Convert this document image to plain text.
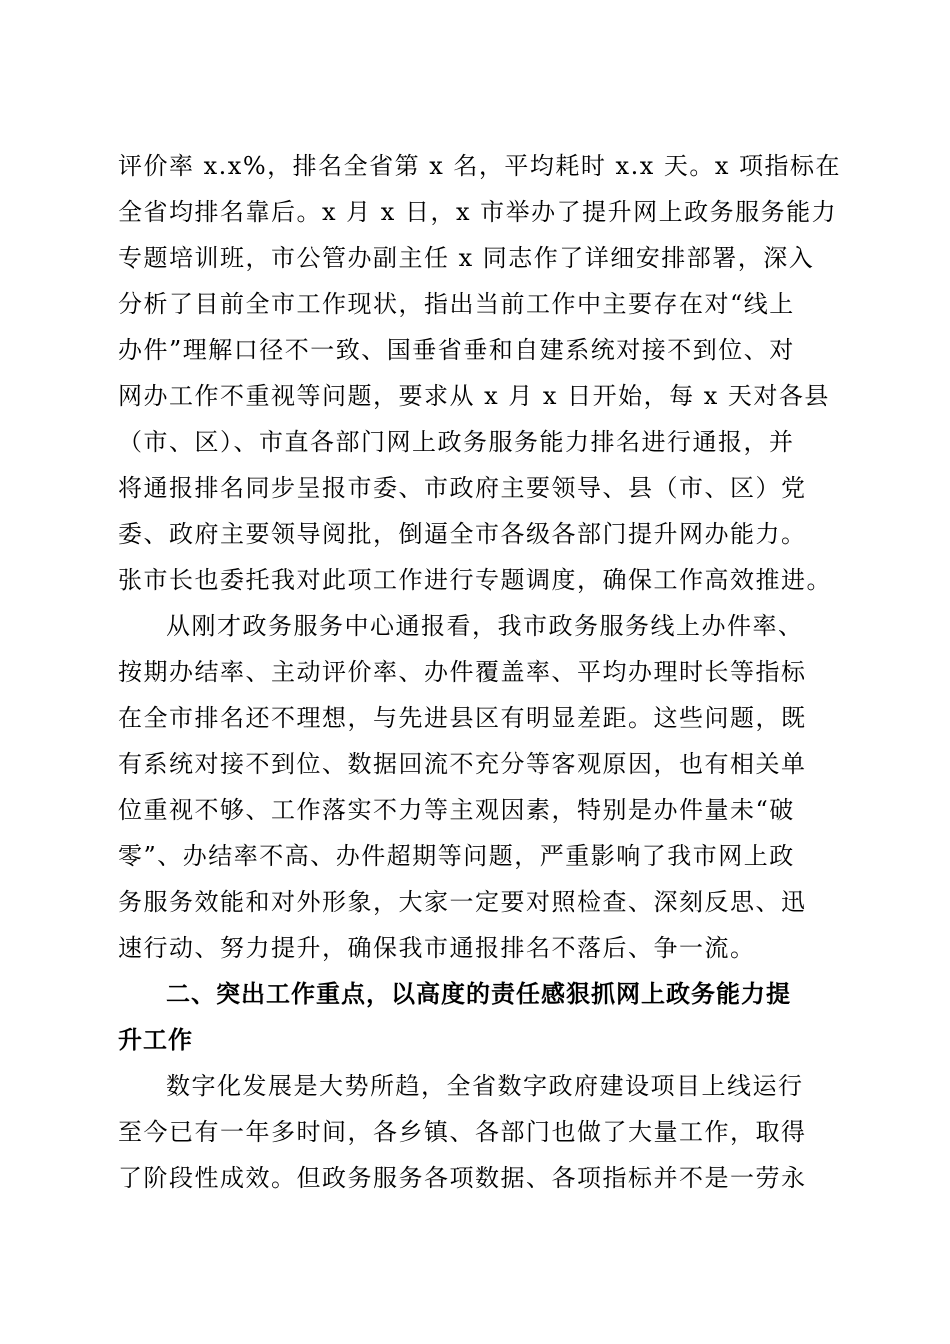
评价率 x.x%，排名全省第 x 名，平均耗时 x.x 天。x 项指标在
全省均排名靠后。x 月 x 日，x 市举办了提升网上政务服务能力
专题培训班，市公管办副主任 x 同志作了详细安排部署，深入
分析了目前全市工作现状，指出当前工作中主要存在对“线上
办件”理解口径不一致、国垂省垂和自建系统对接不到位、对
网办工作不重视等问题，要求从 x 月 x 日开始，每 x 天对各县
（市、区）、市直各部门网上政务服务能力排名进行通报，并
将通报排名同步呈报市委、市政府主要领导、县（市、区）党
委、政府主要领导阅批，倒逼全市各级各部门提升网办能力。
张市长也委托我对此项工作进行专题调度，确保工作高效推进。
从刚才政务服务中心通报看，我市政务服务线上办件率、
按期办结率、主动评价率、办件覆盖率、平均办理时长等指标
在全市排名还不理想，与先进县区有明显差距。这些问题，既
有系统对接不到位、数据回流不充分等客观原因，也有相关单
位重视不够、工作落实不力等主观因素，特别是办件量未“破
零”、办结率不高、办件超期等问题，严重影响了我市网上政
务服务效能和对外形象，大家一定要对照检查、深刻反思、迅
速行动、努力提升，确保我市通报排名不落后、争一流。
二、突出工作重点，以高度的责任感狠抓网上政务能力提
升工作
数字化发展是大势所趋，全省数字政府建设项目上线运行
至今已有一年多时间，各乡镇、各部门也做了大量工作，取得
了阶段性成效。但政务服务各项数据、各项指标并不是一劳永
